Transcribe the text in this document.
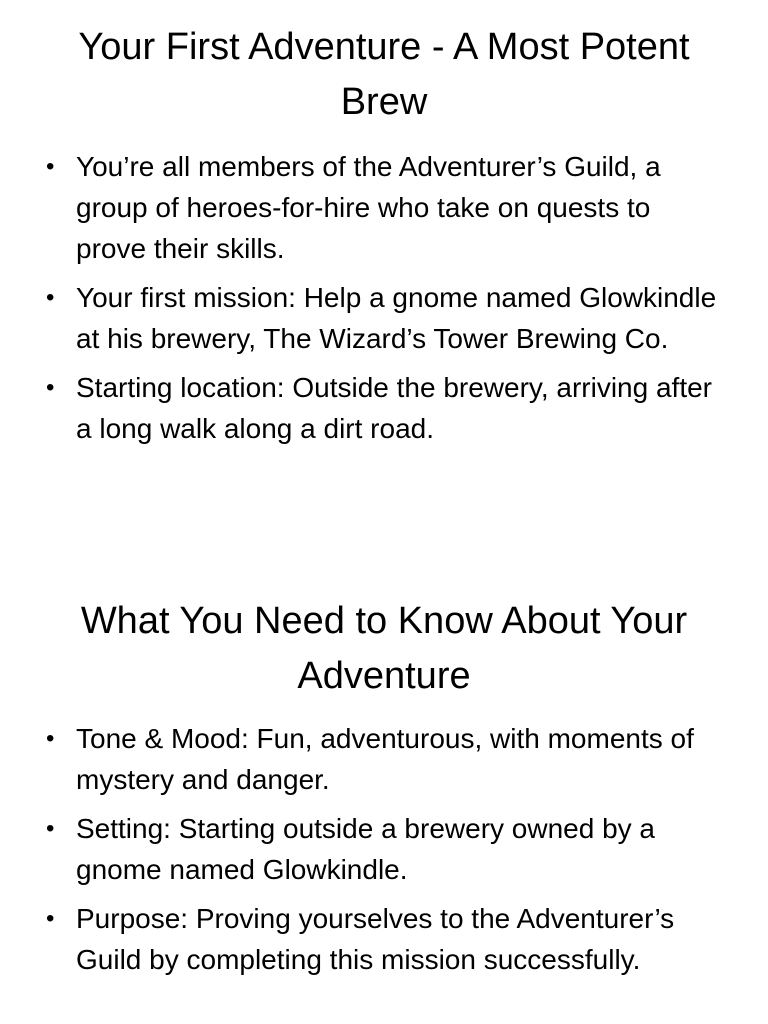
Your First Adventure - A Most Potent Brew
• You’re all members of the Adventurer’s Guild, a group of heroes-for-hire who take on quests to prove their skills.
• Your first mission: Help a gnome named Glowkindle at his brewery, The Wizard’s Tower Brewing Co.
• Starting location: Outside the brewery, arriving after a long walk along a dirt road.
What You Need to Know About Your Adventure
• Tone & Mood: Fun, adventurous, with moments of mystery and danger.
• Setting: Starting outside a brewery owned by a gnome named Glowkindle.
• Purpose: Proving yourselves to the Adventurer’s Guild by completing this mission successfully.
